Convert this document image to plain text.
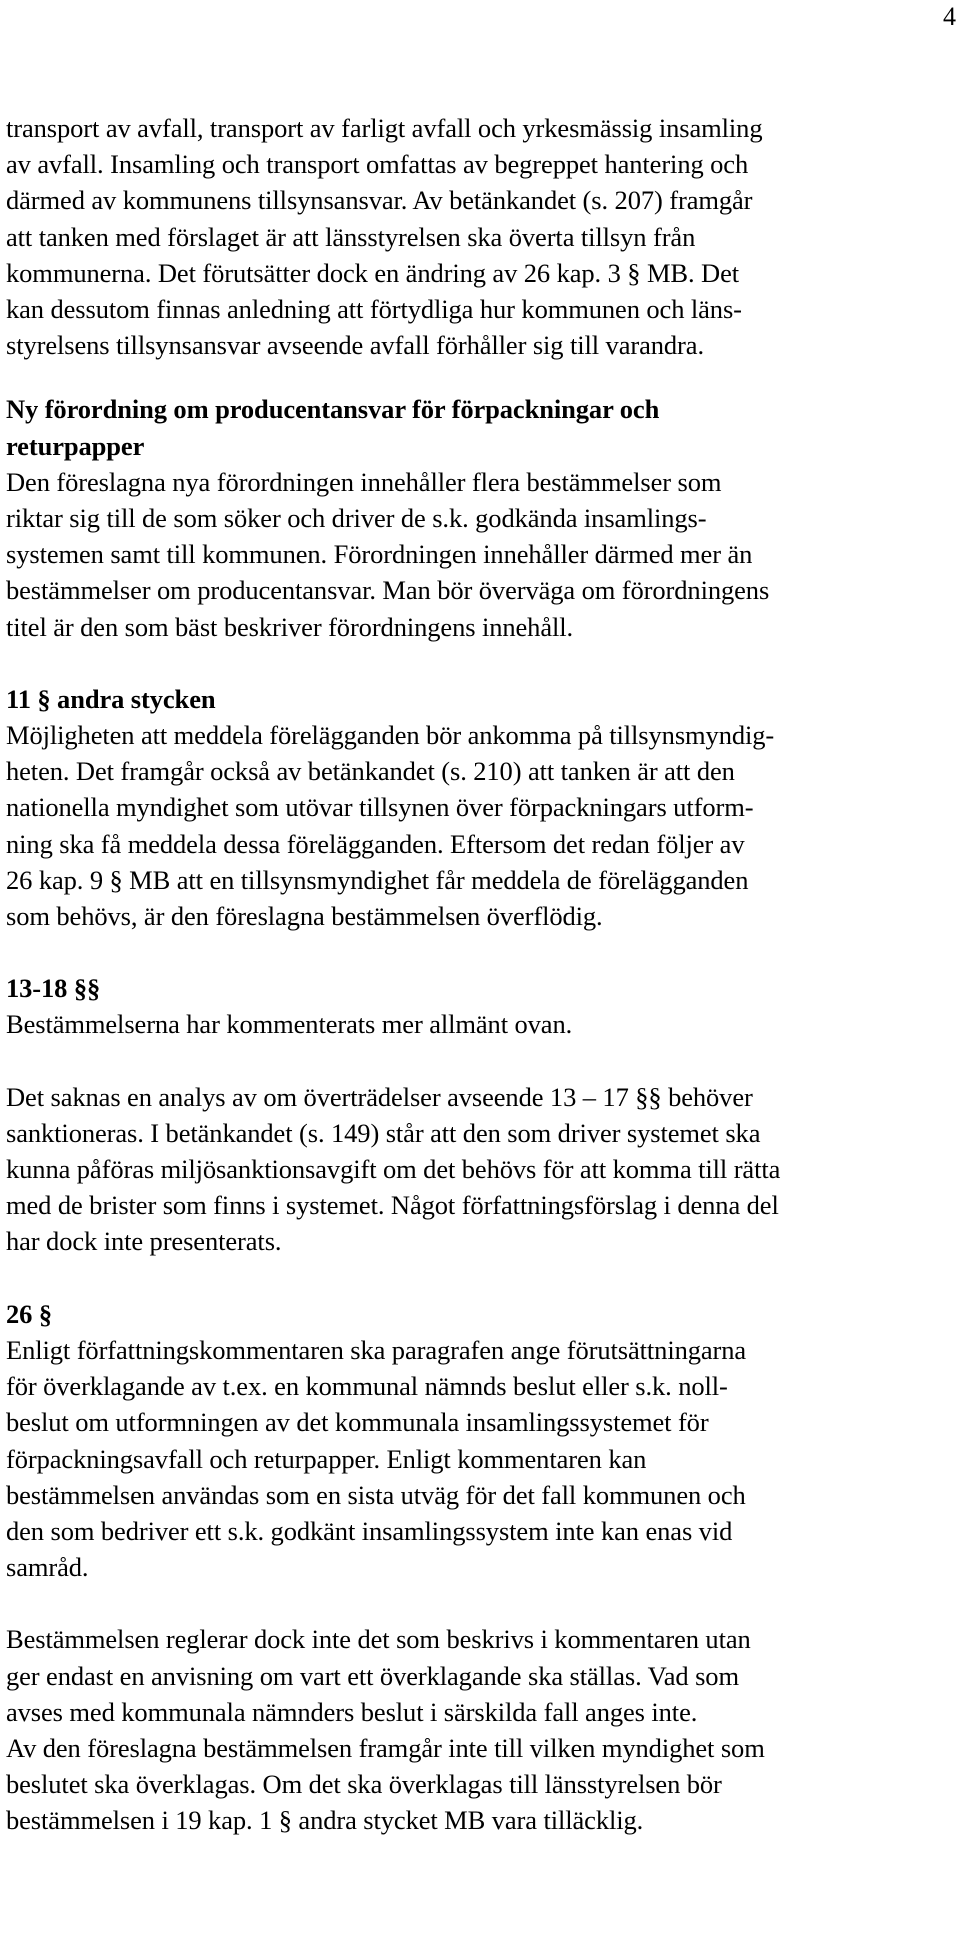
4
transport av avfall, transport av farligt avfall och yrkesmässig insamling
av avfall. Insamling och transport omfattas av begreppet hantering och
därmed av kommunens tillsynsansvar. Av betänkandet (s. 207) framgår
att tanken med förslaget är att länsstyrelsen ska överta tillsyn från
kommunerna. Det förutsätter dock en ändring av 26 kap. 3 § MB. Det
kan dessutom finnas anledning att förtydliga hur kommunen och läns-
styrelsens tillsynsansvar avseende avfall förhåller sig till varandra.
Ny förordning om producentansvar för förpackningar och
returpapper
Den föreslagna nya förordningen innehåller flera bestämmelser som
riktar sig till de som söker och driver de s.k. godkända insamlings-
systemen samt till kommunen. Förordningen innehåller därmed mer än
bestämmelser om producentansvar. Man bör överväga om förordningens
titel är den som bäst beskriver förordningens innehåll.
11 § andra stycken
Möjligheten att meddela förelägganden bör ankomma på tillsynsmyndig-
heten. Det framgår också av betänkandet (s. 210) att tanken är att den
nationella myndighet som utövar tillsynen över förpackningars utform-
ning ska få meddela dessa förelägganden. Eftersom det redan följer av
26 kap. 9 § MB att en tillsynsmyndighet får meddela de förelägganden
som behövs, är den föreslagna bestämmelsen överflödig.
13-18 §§
Bestämmelserna har kommenterats mer allmänt ovan.
Det saknas en analys av om överträdelser avseende 13 – 17 §§ behöver
sanktioneras. I betänkandet (s. 149) står att den som driver systemet ska
kunna påföras miljösanktionsavgift om det behövs för att komma till rätta
med de brister som finns i systemet. Något författningsförslag i denna del
har dock inte presenterats.
26 §
Enligt författningskommentaren ska paragrafen ange förutsättningarna
för överklagande av t.ex. en kommunal nämnds beslut eller s.k. noll-
beslut om utformningen av det kommunala insamlingssystemet för
förpackningsavfall och returpapper. Enligt kommentaren kan
bestämmelsen användas som en sista utväg för det fall kommunen och
den som bedriver ett s.k. godkänt insamlingssystem inte kan enas vid
samråd.
Bestämmelsen reglerar dock inte det som beskrivs i kommentaren utan
ger endast en anvisning om vart ett överklagande ska ställas. Vad som
avses med kommunala nämnders beslut i särskilda fall anges inte.
Av den föreslagna bestämmelsen framgår inte till vilken myndighet som
beslutet ska överklagas. Om det ska överklagas till länsstyrelsen bör
bestämmelsen i 19 kap. 1 § andra stycket MB vara tilläcklig.
